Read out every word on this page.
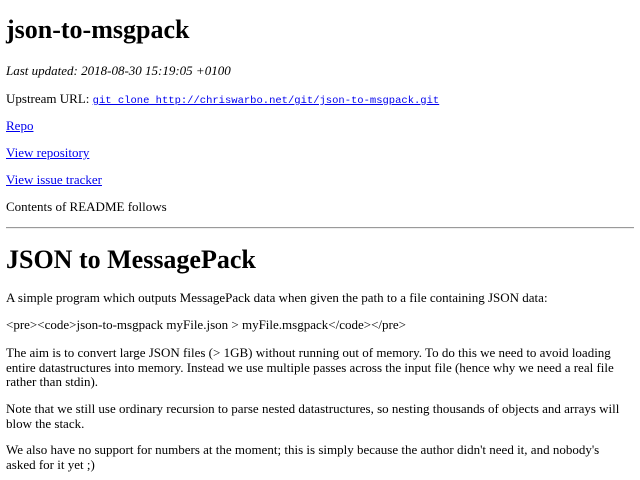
json-to-msgpack
Last updated: 2018-08-30 15:19:05 +0100
Upstream URL: git clone http://chriswarbo.net/git/json-to-msgpack.git
Repo
View repository
View issue tracker
Contents of README follows
JSON to MessagePack

A simple program which outputs MessagePack data when given the path to a file containing JSON data:

<pre><code>json-to-msgpack myFile.json > myFile.msgpack</code></pre>

The aim is to convert large JSON files (> 1GB) without running out of memory. To do this we need to avoid loading entire datastructures into memory. Instead we use multiple passes across the input file (hence why we need a real file rather than stdin).

Note that we still use ordinary recursion to parse nested datastructures, so nesting thousands of objects and arrays will blow the stack.

We also have no support for numbers at the moment; this is simply because the author didn't need it, and nobody's asked for it yet ;)
